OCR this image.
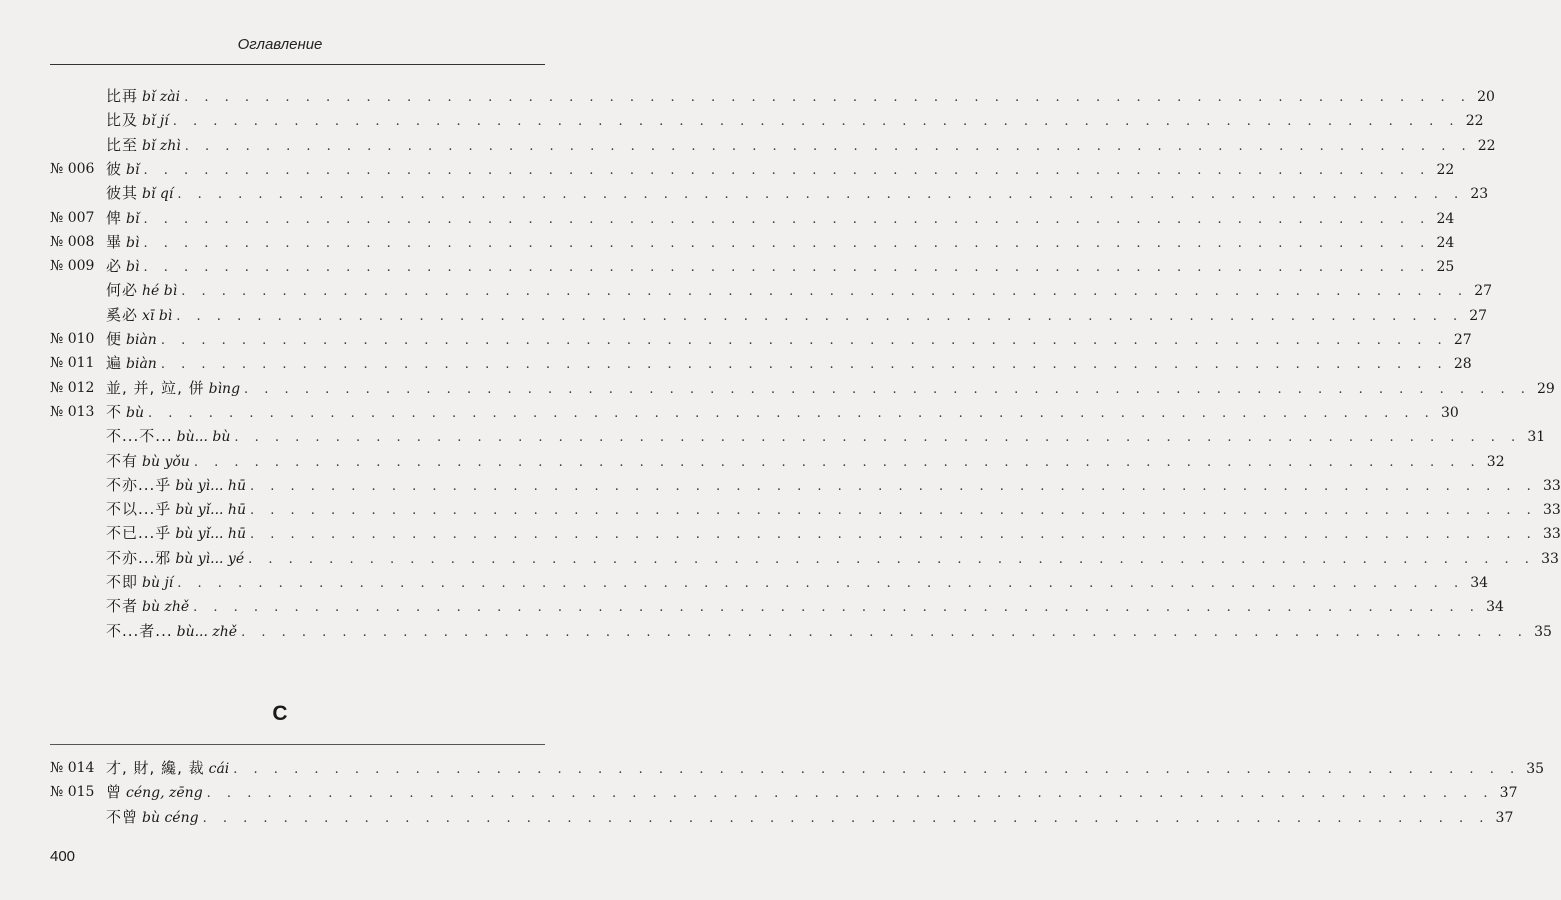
Оглавление
比再 bǐ zài . . . . . . . . . . . . . . . . . . . . . . . . . . . . . . . . . . . . . . . . . . . . . . . . . . . . . . . . . . . . . . . . 20
比及 bǐ jí . . . . . . . . . . . . . . . . . . . . . . . . . . . . . . . . . . . . . . . . . . . . . . . . . . . . . . . . . . . . . . . . 22
比至 bǐ zhì . . . . . . . . . . . . . . . . . . . . . . . . . . . . . . . . . . . . . . . . . . . . . . . . . . . . . . . . . . . . . . . . 22
№ 006 彼 bǐ . . . . . . . . . . . . . . . . . . . . . . . . . . . . . . . . . . . . . . . . . . . . . . . . . . . . . . . . . . . . . . . . 22
彼其 bǐ qí . . . . . . . . . . . . . . . . . . . . . . . . . . . . . . . . . . . . . . . . . . . . . . . . . . . . . . . . . . . . . . . . 23
№ 007 俾 bǐ . . . . . . . . . . . . . . . . . . . . . . . . . . . . . . . . . . . . . . . . . . . . . . . . . . . . . . . . . . . . . . . . 24
№ 008 畢 bì . . . . . . . . . . . . . . . . . . . . . . . . . . . . . . . . . . . . . . . . . . . . . . . . . . . . . . . . . . . . . . . . 24
№ 009 必 bì . . . . . . . . . . . . . . . . . . . . . . . . . . . . . . . . . . . . . . . . . . . . . . . . . . . . . . . . . . . . . . . . 25
何必 hé bì . . . . . . . . . . . . . . . . . . . . . . . . . . . . . . . . . . . . . . . . . . . . . . . . . . . . . . . . . . . . . . . . 27
奚必 xī bì . . . . . . . . . . . . . . . . . . . . . . . . . . . . . . . . . . . . . . . . . . . . . . . . . . . . . . . . . . . . . . . . 27
№ 010 便 biàn . . . . . . . . . . . . . . . . . . . . . . . . . . . . . . . . . . . . . . . . . . . . . . . . . . . . . . . . . . . . . . . . 27
№ 011 遍 biàn . . . . . . . . . . . . . . . . . . . . . . . . . . . . . . . . . . . . . . . . . . . . . . . . . . . . . . . . . . . . . . . . 28
№ 012 並, 并, 竝, 併 bìng . . . . . . . . . . . . . . . . . . . . . . . . . . . . . . . . . . . . . . . . . . . . . . . . . . . . . . . . . . . . . . . . 29
№ 013 不 bù . . . . . . . . . . . . . . . . . . . . . . . . . . . . . . . . . . . . . . . . . . . . . . . . . . . . . . . . . . . . . . . . 30
不...不... bù... bù . . . . . . . . . . . . . . . . . . . . . . . . . . . . . . . . . . . . . . . . . . . . . . . . . . . . . . . . . . . . . . . . 31
不有 bù yǒu . . . . . . . . . . . . . . . . . . . . . . . . . . . . . . . . . . . . . . . . . . . . . . . . . . . . . . . . . . . . . . . . 32
不亦...乎 bù yì... hū . . . . . . . . . . . . . . . . . . . . . . . . . . . . . . . . . . . . . . . . . . . . . . . . . . . . . . . . . . . . . . . . 33
不以...乎 bù yǐ... hū . . . . . . . . . . . . . . . . . . . . . . . . . . . . . . . . . . . . . . . . . . . . . . . . . . . . . . . . . . . . . . . . 33
不已...乎 bù yǐ... hū . . . . . . . . . . . . . . . . . . . . . . . . . . . . . . . . . . . . . . . . . . . . . . . . . . . . . . . . . . . . . . . . 33
不亦...邪 bù yì... yé . . . . . . . . . . . . . . . . . . . . . . . . . . . . . . . . . . . . . . . . . . . . . . . . . . . . . . . . . . . . . . . . 33
不即 bù jí . . . . . . . . . . . . . . . . . . . . . . . . . . . . . . . . . . . . . . . . . . . . . . . . . . . . . . . . . . . . . . . . 34
不者 bù zhě . . . . . . . . . . . . . . . . . . . . . . . . . . . . . . . . . . . . . . . . . . . . . . . . . . . . . . . . . . . . . . . . 34
不...者... bù... zhě . . . . . . . . . . . . . . . . . . . . . . . . . . . . . . . . . . . . . . . . . . . . . . . . . . . . . . . . . . . . . . . . 35
C
№ 014 才, 財, 纔, 裁 cái . . . . . . . . . . . . . . . . . . . . . . . . . . . . . . . . . . . . . . . . . . . . . . . . . . . . . . . . . . . . . . . . 35
№ 015 曾 céng, zēng . . . . . . . . . . . . . . . . . . . . . . . . . . . . . . . . . . . . . . . . . . . . . . . . . . . . . . . . . . . . . . . . 37
不曾 bù céng . . . . . . . . . . . . . . . . . . . . . . . . . . . . . . . . . . . . . . . . . . . . . . . . . . . . . . . . . . . . . . . . 37
400
